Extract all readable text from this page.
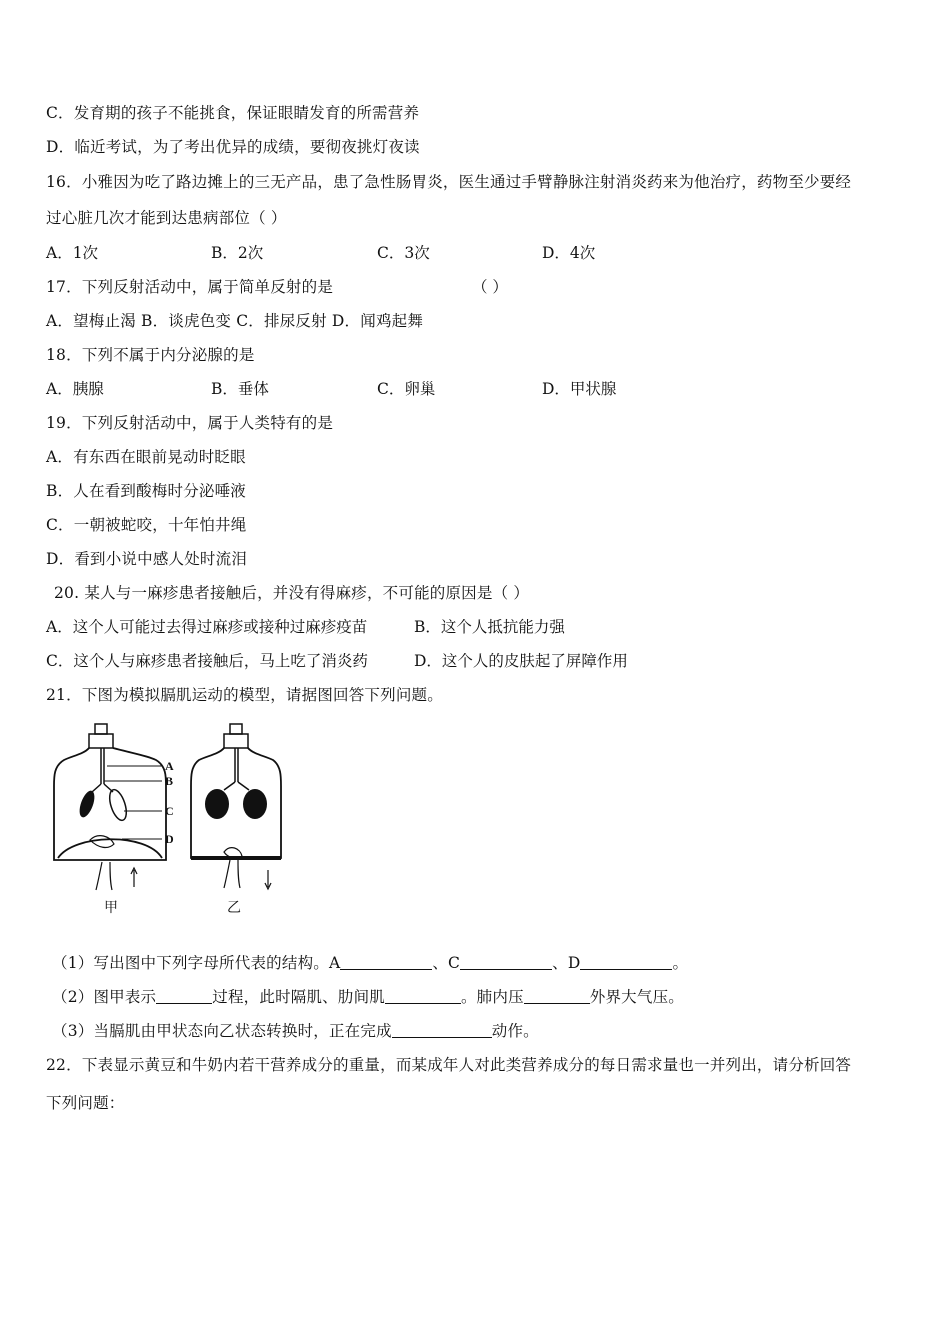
C．发育期的孩子不能挑食，保证眼睛发育的所需营养
D．临近考试，为了考出优异的成绩，要彻夜挑灯夜读
16．小雅因为吃了路边摊上的三无产品，患了急性肠胃炎，医生通过手臂静脉注射消炎药来为他治疗，药物至少要经
过心脏几次才能到达患病部位（ ）
A．1次	B．2次	C．3次	D．4次
17．下列反射活动中，属于简单反射的是	（ ）
A．望梅止渴 B．谈虎色变 C．排尿反射 D．闻鸡起舞
18．下列不属于内分泌腺的是
A．胰腺	B．垂体	C．卵巢	D．甲状腺
19．下列反射活动中，属于人类特有的是
A．有东西在眼前晃动时眨眼
B．人在看到酸梅时分泌唾液
C．一朝被蛇咬，十年怕井绳
D．看到小说中感人处时流泪
20. 某人与一麻疹患者接触后，并没有得麻疹，不可能的原因是（ ）
A．这个人可能过去得过麻疹或接种过麻疹疫苗	B．这个人抵抗能力强
C．这个人与麻疹患者接触后，马上吃了消炎药	D．这个人的皮肤起了屏障作用
21．下图为模拟膈肌运动的模型，请据图回答下列问题。
A
B
C
D
甲	乙
（1）写出图中下列字母所代表的结构。A	、C	、D	。
（2）图甲表示	过程，此时隔肌、肋间肌	。肺内压	外界大气压。
（3）当膈肌由甲状态向乙状态转换时，正在完成	动作。
22．下表显示黄豆和牛奶内若干营养成分的重量，而某成年人对此类营养成分的每日需求量也一并列出，请分析回答
下列问题：
